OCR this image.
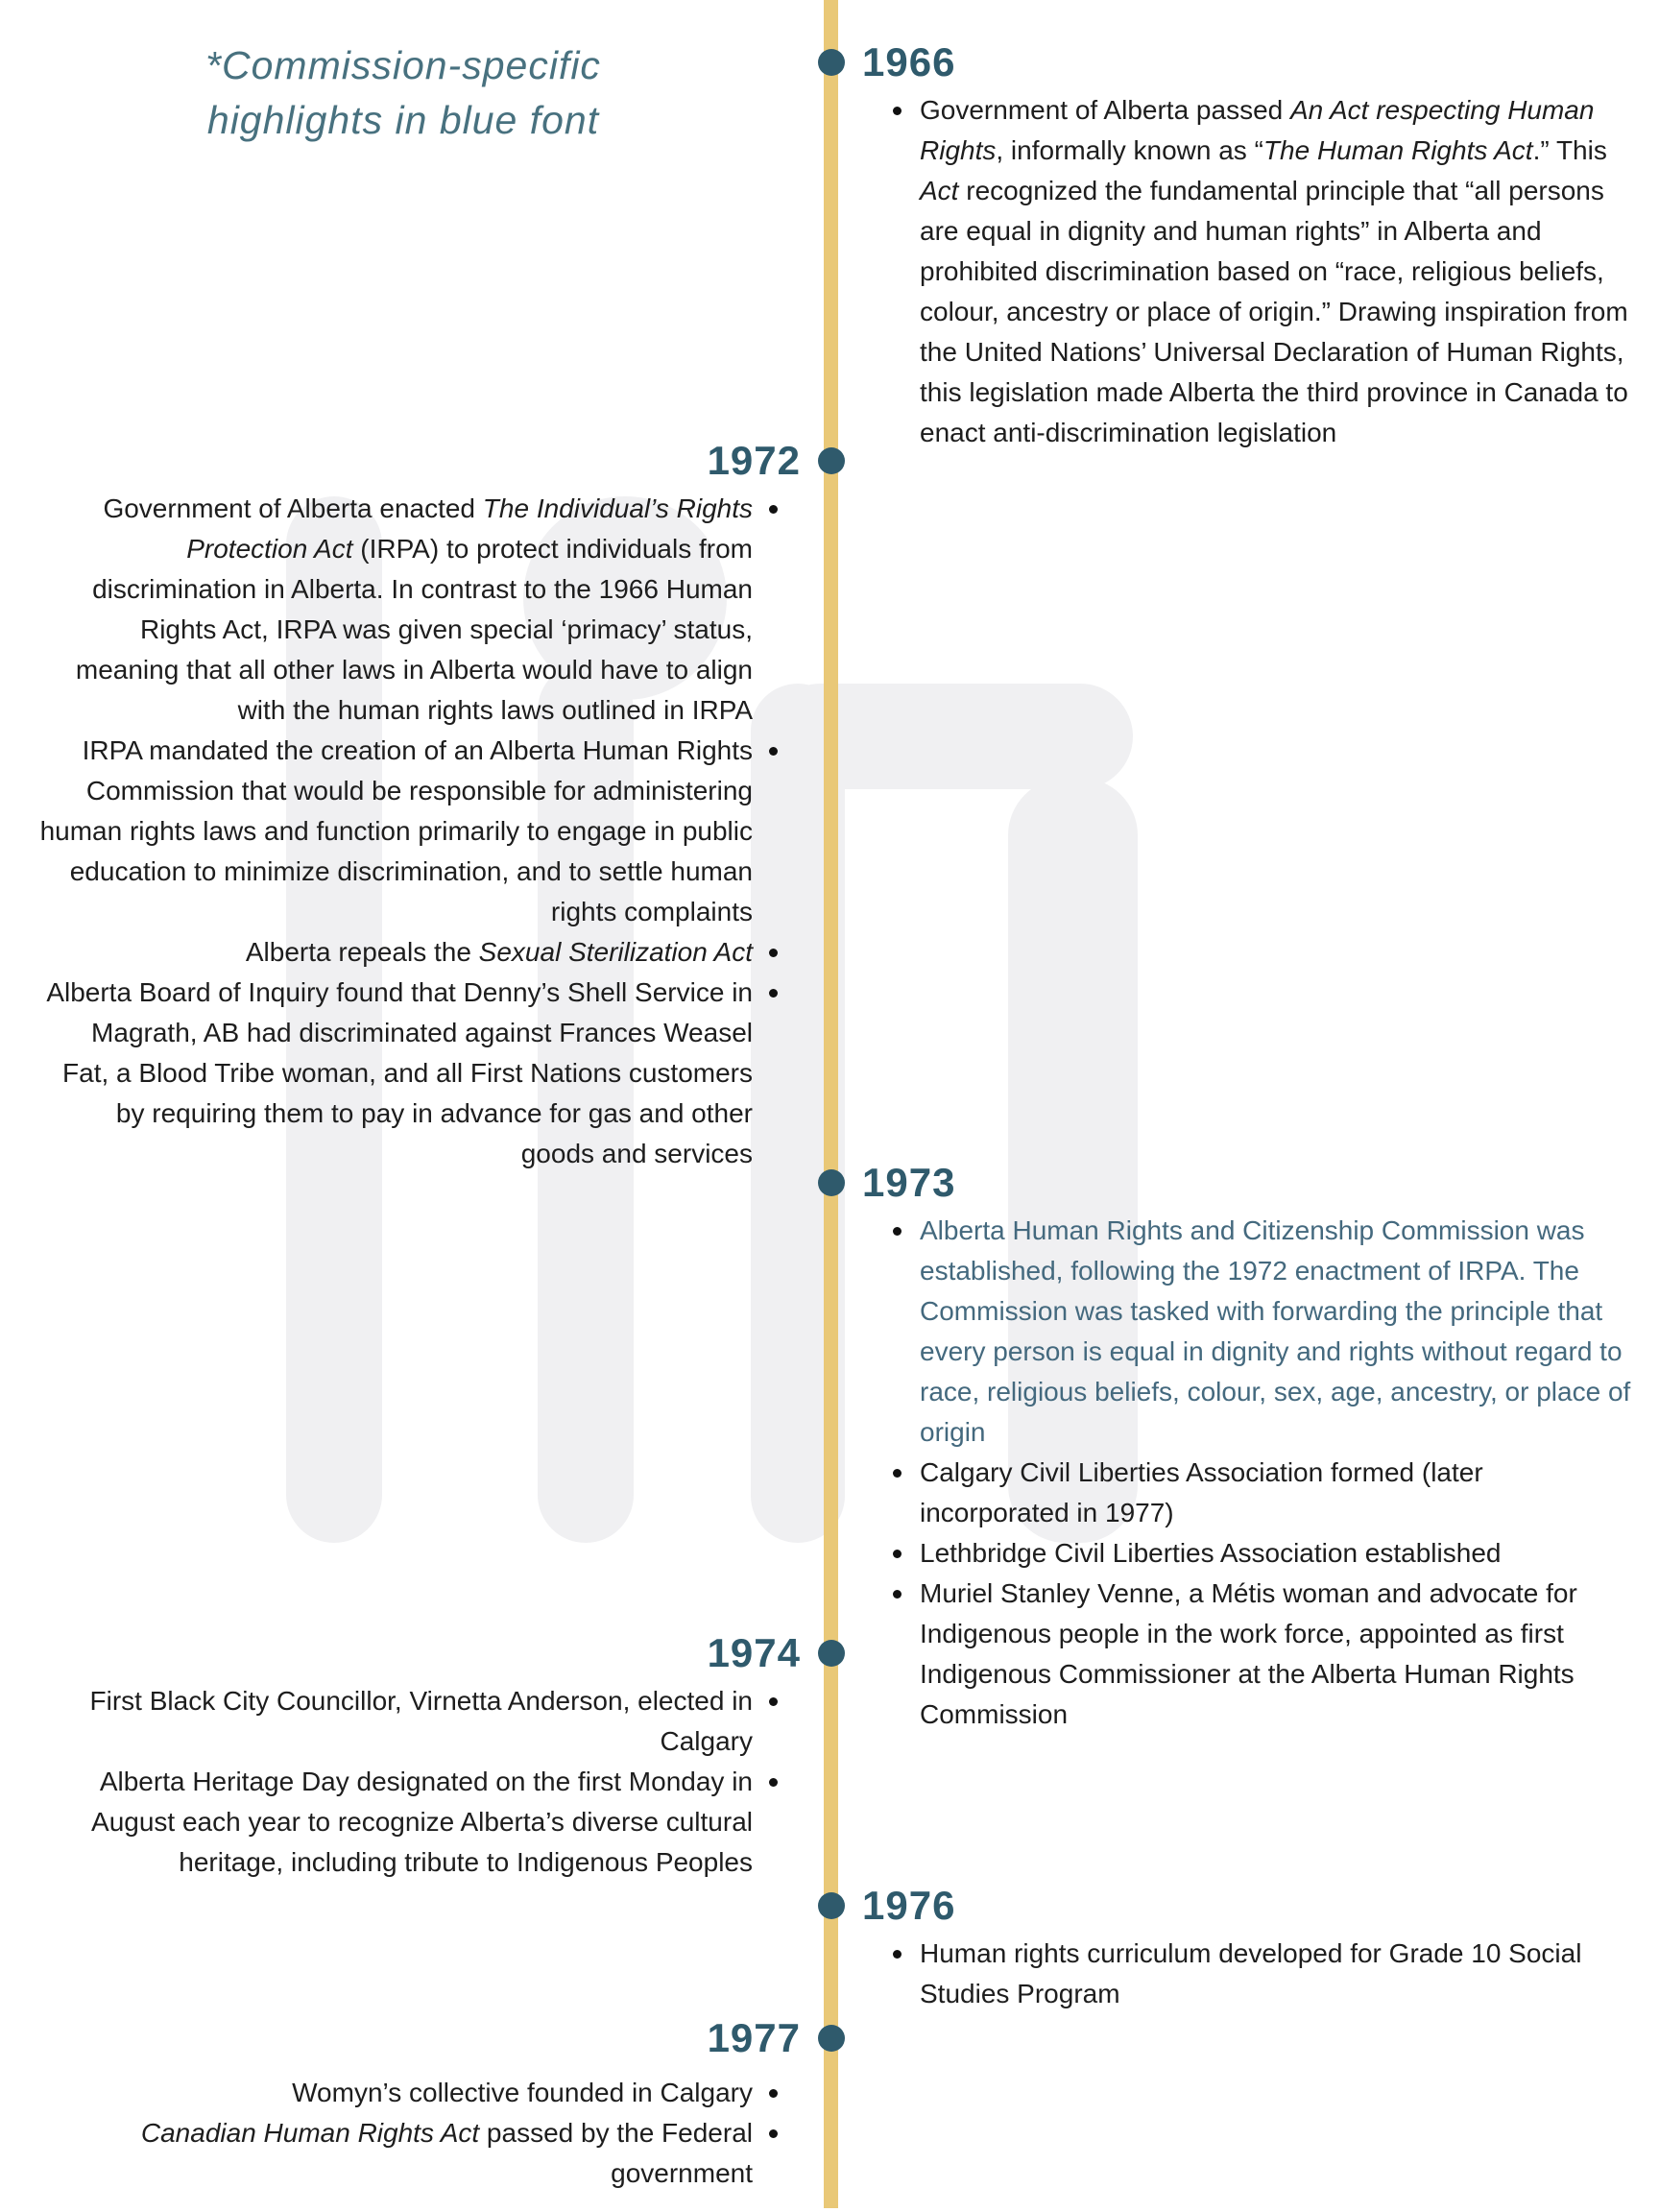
*Commission-specific
highlights in blue font
1966
Government of Alberta passed An Act respecting Human Rights, informally known as “The Human Rights Act.” This Act recognized the fundamental principle that “all persons are equal in dignity and human rights” in Alberta and prohibited discrimination based on “race, religious beliefs, colour, ancestry or place of origin.” Drawing inspiration from the United Nations’ Universal Declaration of Human Rights, this legislation made Alberta the third province in Canada to enact anti-discrimination legislation
1972
Government of Alberta enacted The Individual’s Rights Protection Act (IRPA) to protect individuals from discrimination in Alberta. In contrast to the 1966 Human Rights Act, IRPA was given special ‘primacy’ status, meaning that all other laws in Alberta would have to align with the human rights laws outlined in IRPA
IRPA mandated the creation of an Alberta Human Rights Commission that would be responsible for administering human rights laws and function primarily to engage in public education to minimize discrimination, and to settle human rights complaints
Alberta repeals the Sexual Sterilization Act
Alberta Board of Inquiry found that Denny’s Shell Service in Magrath, AB had discriminated against Frances Weasel Fat, a Blood Tribe woman, and all First Nations customers by requiring them to pay in advance for gas and other goods and services
1973
Alberta Human Rights and Citizenship Commission was established, following the 1972 enactment of IRPA. The Commission was tasked with forwarding the principle that every person is equal in dignity and rights without regard to race, religious beliefs, colour, sex, age, ancestry, or place of origin
Calgary Civil Liberties Association formed (later incorporated in 1977)
Lethbridge Civil Liberties Association established
Muriel Stanley Venne, a Métis woman and advocate for Indigenous people in the work force, appointed as first Indigenous Commissioner at the Alberta Human Rights Commission
1974
First Black City Councillor, Virnetta Anderson, elected in Calgary
Alberta Heritage Day designated on the first Monday in August each year to recognize Alberta’s diverse cultural heritage, including tribute to Indigenous Peoples
1976
Human rights curriculum developed for Grade 10 Social Studies Program
1977
Womyn’s collective founded in Calgary
Canadian Human Rights Act passed by the Federal government
